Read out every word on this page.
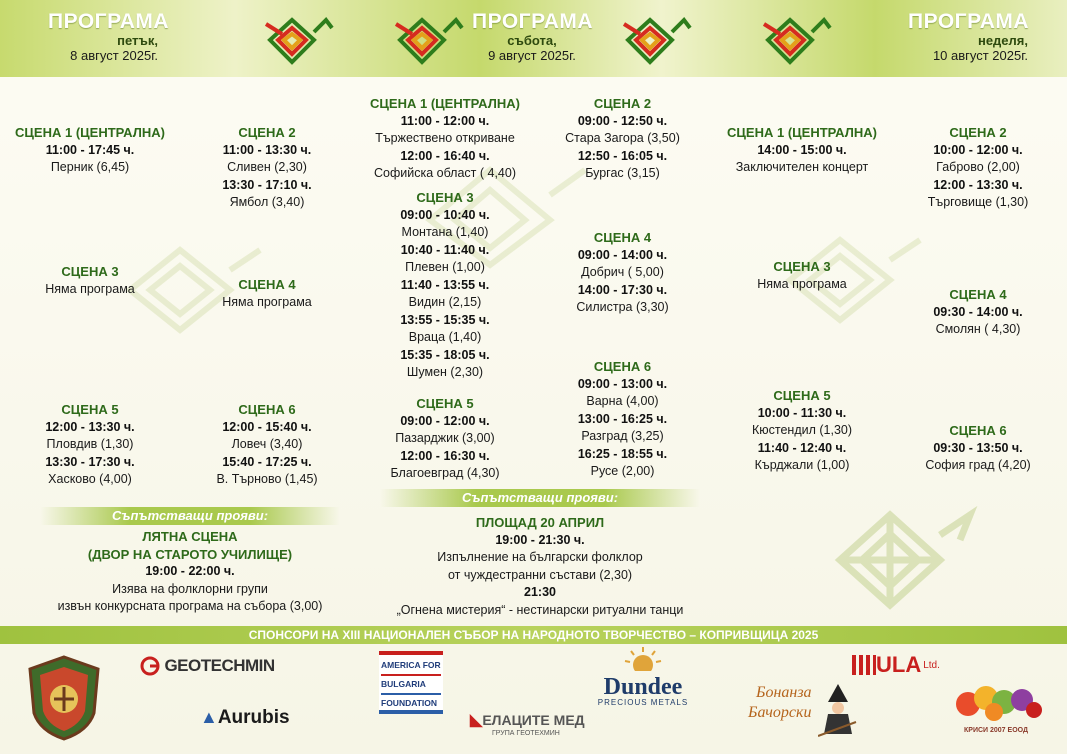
ПРОГРАМА
петък,
8 август 2025г.
ПРОГРАМА
събота,
9 август 2025г.
ПРОГРАМА
неделя,
10 август 2025г.
СЦЕНА 1 (ЦЕНТРАЛНА)
11:00 - 17:45 ч.
Перник (6,45)
СЦЕНА 2
11:00 - 13:30 ч.
Сливен (2,30)
13:30 - 17:10 ч.
Ямбол (3,40)
СЦЕНА 3
Няма програма	СЦЕНА 4
Няма програма
СЦЕНА 5
12:00 - 13:30 ч.
Пловдив (1,30)
13:30 - 17:30 ч.
Хасково (4,00)
СЦЕНА 6
12:00 - 15:40 ч.
Ловеч (3,40)
15:40 - 17:25 ч.
В. Търново (1,45)
Съпътстващи прояви:
ЛЯТНА СЦЕНА
(ДВОР НА СТАРОТО УЧИЛИЩЕ)
19:00 - 22:00 ч.
Изява на фолклорни групи
извън конкурсната програма на събора (3,00)
СЦЕНА 1 (ЦЕНТРАЛНА)
11:00 - 12:00 ч.
Тържествено откриване
12:00 - 16:40 ч.
Софийска област ( 4,40)
СЦЕНА 2
09:00 - 12:50 ч.
Стара Загора (3,50)
12:50 - 16:05 ч.
Бургас (3,15)
СЦЕНА 3
09:00 - 10:40 ч.
Монтана (1,40)
10:40 - 11:40 ч.
Плевен (1,00)
11:40 - 13:55 ч.
Видин (2,15)
13:55 - 15:35 ч.
Враца (1,40)
15:35 - 18:05 ч.
Шумен (2,30)
СЦЕНА 4
09:00 - 14:00 ч.
Добрич ( 5,00)
14:00 - 17:30 ч.
Силистра (3,30)
СЦЕНА 5
09:00 - 12:00 ч.
Пазарджик (3,00)
12:00 - 16:30 ч.
Благоевград (4,30)
СЦЕНА 6
09:00 - 13:00 ч.
Варна (4,00)
13:00 - 16:25 ч.
Разград (3,25)
16:25 - 18:55 ч.
Русе (2,00)
Съпътстващи прояви:
ПЛОЩАД 20 АПРИЛ
19:00 - 21:30 ч.
Изпълнение на български фолклор
от чуждестранни състави (2,30)
21:30
„Огнена мистерия“ - нестинарски ритуални танци
СЦЕНА 1 (ЦЕНТРАЛНА)
14:00 - 15:00 ч.
Заключителен концерт
СЦЕНА 2
10:00 - 12:00 ч.
Габрово (2,00)
12:00 - 13:30 ч.
Търговище (1,30)
СЦЕНА 3
Няма програма
СЦЕНА 4
09:30 - 14:00 ч.
Смолян ( 4,30)
СЦЕНА 5
10:00 - 11:30 ч.
Кюстендил (1,30)
11:40 - 12:40 ч.
Кърджали (1,00)
СЦЕНА 6
09:30 - 13:50 ч.
София град (4,20)
СПОНСОРИ НА XIII НАЦИОНАЛЕН СЪБОР НА НАРОДНОТО ТВОРЧЕСТВО – КОПРИВЩИЦА 2025
GEOTECHMIN
▲Aurubis
AMERICA FOR
BULGARIA
FOUNDATION
◣ЕЛАЦИТЕ МЕД
ГРУПА ГЕОТЕХМИН
Dundee
PRECIOUS METALS
ULA Ltd.
Бонанза
Бачорски
КРИСИ 2007 ЕООД
